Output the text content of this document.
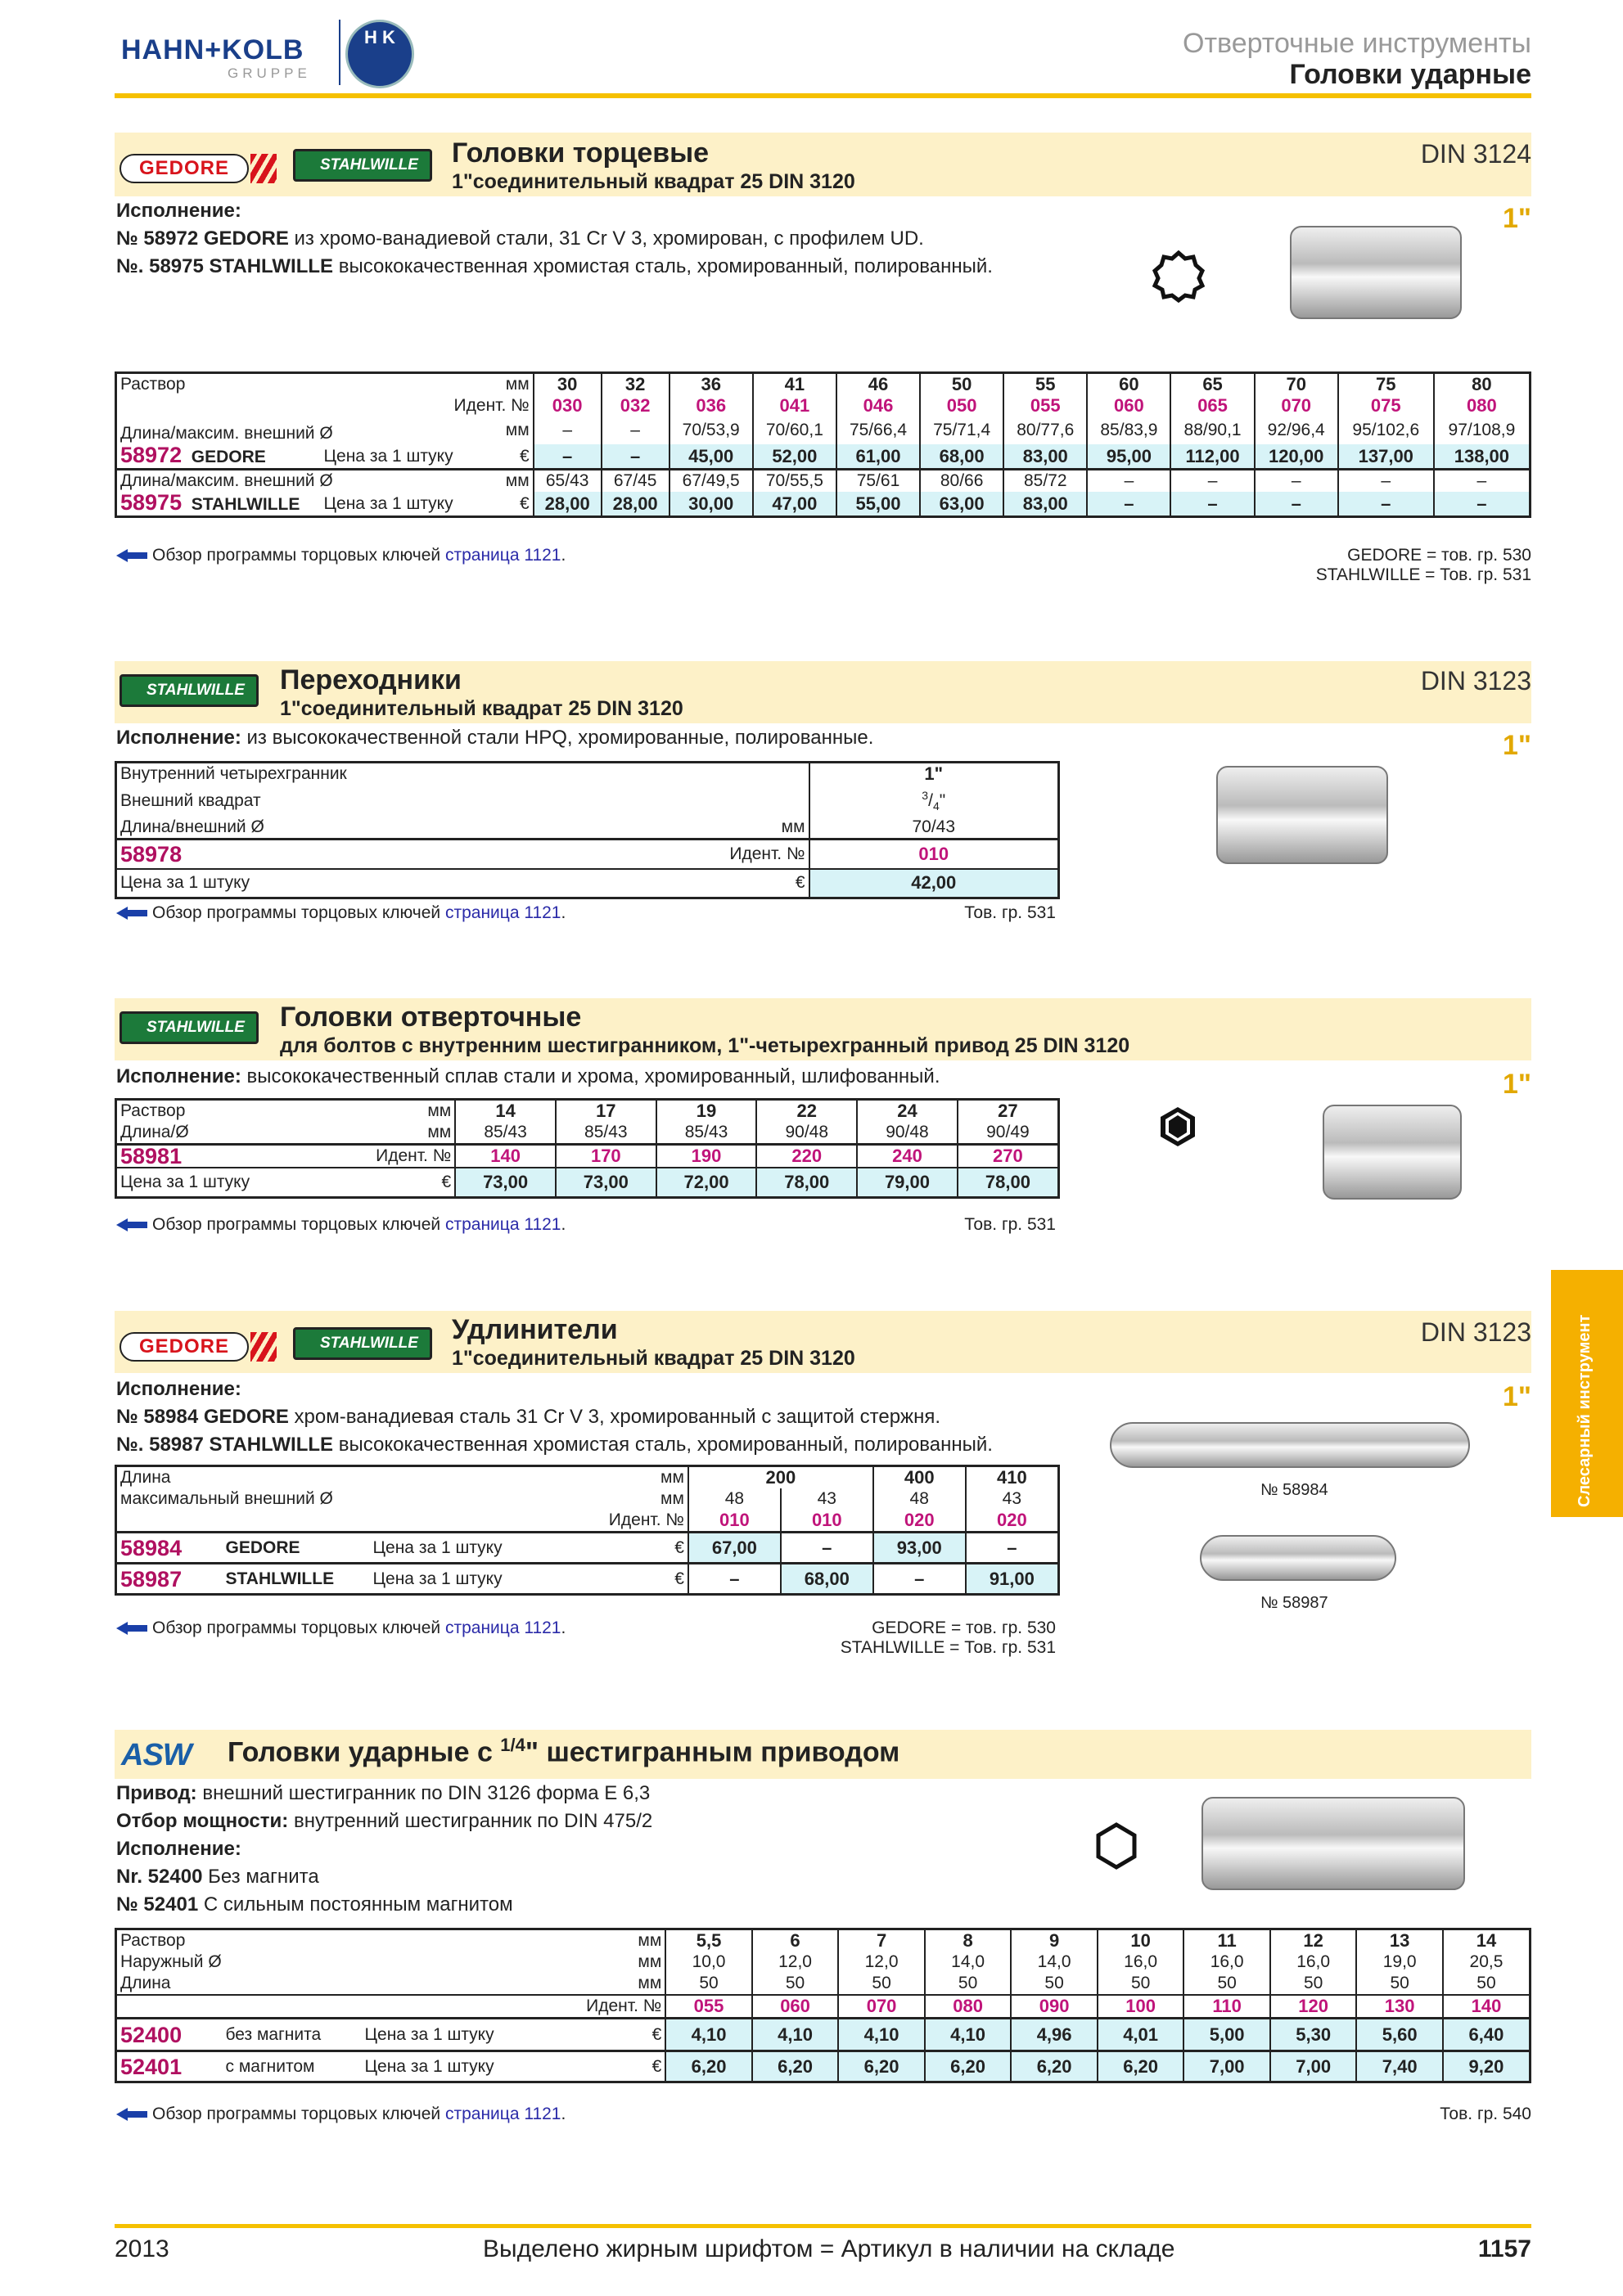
HAHN+KOLB
GRUPPE
H K	Отверточные инструменты
Головки ударные
Слесарный инструмент
GEDORE	STAHLWILLE	Головки торцевые
1"соединительный квадрат 25 DIN 3120
DIN 3124
1"
Исполнение:
№ 58972 GEDORE из хромо-ванадиевой стали, 31 Cr V 3, хромирован, с профилем UD.
№. 58975 STAHLWILLE высококачественная хромистая сталь, хромированный, полированный.
Раствор		мм	30	32	36	41	46	50	55	60	65	70	75	80
Идент. №			030	032	036	041	046	050	055	060	065	070	075	080
Длина/максим. внешний Ø		мм	–	–	70/53,9	70/60,1	75/66,4	75/71,4	80/77,6	85/83,9	88/90,1	92/96,4	95/102,6	97/108,9
58972 GEDORE	Цена за 1 штуку	€	–	–	45,00	52,00	61,00	68,00	83,00	95,00	112,00	120,00	137,00	138,00
Длина/максим. внешний Ø		мм	65/43	67/45	67/49,5	70/55,5	75/61	80/66	85/72	–	–	–	–	–
58975 STAHLWILLE	Цена за 1 штуку	€	28,00	28,00	30,00	47,00	55,00	63,00	83,00	–	–	–	–	–
Обзор программы торцовых ключей страница 1121.	GEDORE = тов. гр. 530
STAHLWILLE = Тов. гр. 531
STAHLWILLE	Переходники
1"соединительный квадрат 25 DIN 3120
DIN 3123
1"
Исполнение: из высококачественной стали HPQ, хромированные, полированные.
Внутренний четырехгранник		1"
Внешний квадрат		$^3/_4$"
Длина/внешний Ø	мм	70/43
58978	Идент. №	010
Цена за 1 штуку	€	42,00
Обзор программы торцовых ключей страница 1121.	Тов. гр. 531
STAHLWILLE	Головки отверточные
для болтов с внутренним шестигранником, 1"-четырехгранный привод 25 DIN 3120
1"
Исполнение: высококачественный сплав стали и хрома, хромированный, шлифованный.
Раствор	мм	14	17	19	22	24	27
Длина/Ø	мм	85/43	85/43	85/43	90/48	90/48	90/49
58981	Идент. №	140	170	190	220	240	270
Цена за 1 штуку	€	73,00	73,00	72,00	78,00	79,00	78,00
Обзор программы торцовых ключей страница 1121.	Тов. гр. 531
GEDORE	STAHLWILLE	Удлинители
1"соединительный квадрат 25 DIN 3120
DIN 3123
1"
Исполнение:
№ 58984 GEDORE хром-ванадиевая сталь 31 Cr V 3, хромированный с защитой стержня.
№. 58987 STAHLWILLE высококачественная хромистая сталь, хромированный, полированный.
Длина			мм	200		400	410
максимальный внешний Ø			мм	48	43	48	43
			Идент. №	010	010	020	020
58984	GEDORE	Цена за 1 штуку	€	67,00	–	93,00	–
58987	STAHLWILLE	Цена за 1 штуку	€	–	68,00	–	91,00
№ 58984
№ 58987
Обзор программы торцовых ключей страница 1121.	GEDORE = тов. гр. 530
STAHLWILLE = Тов. гр. 531
ASW Головки ударные с $^{1/4}$" шестигранным приводом
Привод: внешний шестигранник по DIN 3126 форма E 6,3
Отбор мощности: внутренний шестигранник по DIN 475/2
Исполнение:
Nr. 52400 Без магнита
№ 52401 С сильным постоянным магнитом
Раствор			мм	5,5	6	7	8	9	10	11	12	13	14
Наружный Ø			мм	10,0	12,0	12,0	14,0	14,0	16,0	16,0	16,0	19,0	20,5
Длина			мм	50	50	50	50	50	50	50	50	50	50
Идент. №				055	060	070	080	090	100	110	120	130	140
52400	без магнита	Цена за 1 штуку	€	4,10	4,10	4,10	4,10	4,96	4,01	5,00	5,30	5,60	6,40
52401	с магнитом	Цена за 1 штуку	€	6,20	6,20	6,20	6,20	6,20	6,20	7,00	7,00	7,40	9,20
Обзор программы торцовых ключей страница 1121.	Тов. гр. 540
2013	Выделено жирным шрифтом = Артикул в наличии на складе	1157
